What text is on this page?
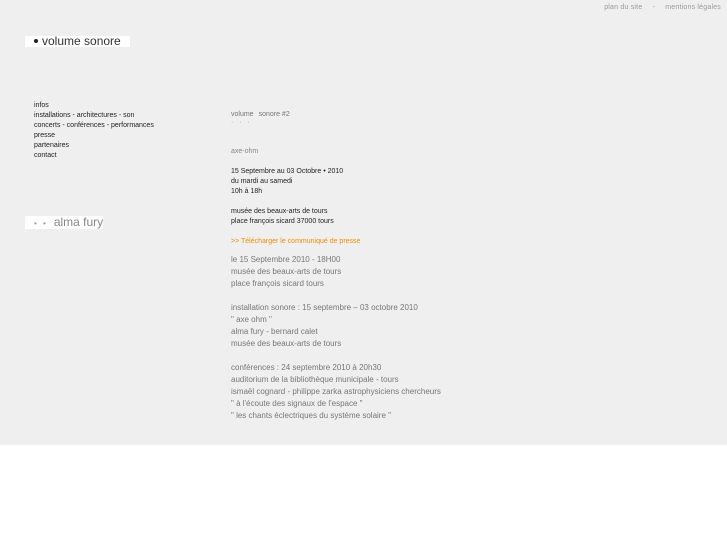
plan du site - mentions légales
volume sonore
infos
installations - architectures - son
concerts - conférences - performances
presse
partenaires
contact
• • alma fury
volume sonore #2
· · ·
axe-ohm
15 Septembre au 03 Octobre • 2010
du mardi au samedi
10h à 18h
musée des beaux-arts de tours
place françois sicard 37000 tours
>> Télécharger le communiqué de presse
le 15 Septembre 2010 - 18H00
musée des beaux-arts de tours
place françois sicard tours
installation sonore : 15 septembre – 03 octobre 2010
" axe ohm "
alma fury - bernard calet
musée des beaux-arts de tours
conférences : 24 septembre 2010 à 20h30
auditorium de la bibliothèque municipale - tours
ismaël cognard - philippe zarka astrophysiciens chercheurs
" à l'écoute des signaux de l'espace "
" les chants éclectriques du système solaire "
